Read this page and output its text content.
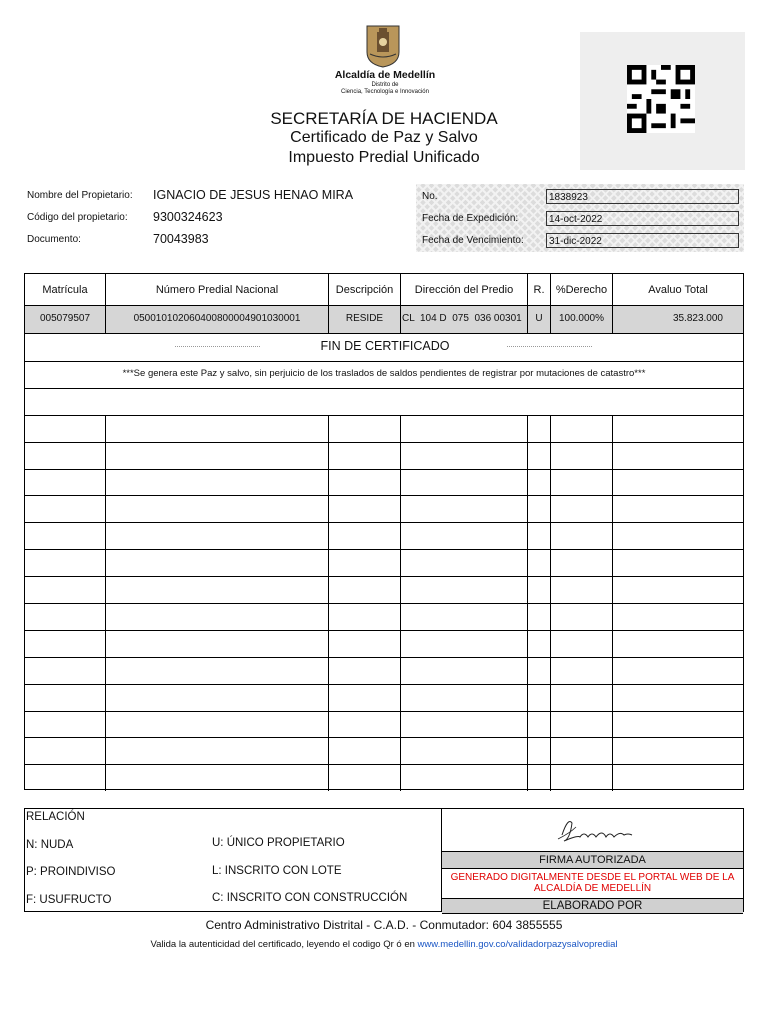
Alcaldía de Medellín
Distrito de
Ciencia, Tecnología e Innovación
SECRETARÍA DE HACIENDA
Certificado de Paz y Salvo
Impuesto Predial Unificado
Nombre del Propietario: IGNACIO DE JESUS HENAO MIRA
Código del propietario: 9300324623
Documento:	70043983
No.	1838923
Fecha de Expedición:	14-oct-2022
Fecha de Vencimiento:	31-dic-2022
Matrícula	Número Predial Nacional	Descripción	Dirección del Predio	R.	%Derecho	Avaluo Total
005079507	050010102060400800004901030001	RESIDE	CL  104 D  075  036 00301	U	100.000%	35.823.000
FIN DE CERTIFICADO
***Se genera este Paz y salvo, sin perjuicio de los traslados de saldos pendientes de registrar por mutaciones de catastro***
RELACIÓN
N: NUDA
P: PROINDIVISO
F: USUFRUCTO
U: ÚNICO PROPIETARIO
L: INSCRITO CON LOTE
C: INSCRITO CON CONSTRUCCIÓN
FIRMA AUTORIZADA
GENERADO DIGITALMENTE DESDE EL PORTAL WEB DE LA ALCALDÍA DE MEDELLÍN
ELABORADO POR
Centro Administrativo Distrital - C.A.D. - Conmutador: 604 3855555
Valida la autenticidad del certificado, leyendo el codigo Qr ó en www.medellin.gov.co/validadorpazysalvopredial
